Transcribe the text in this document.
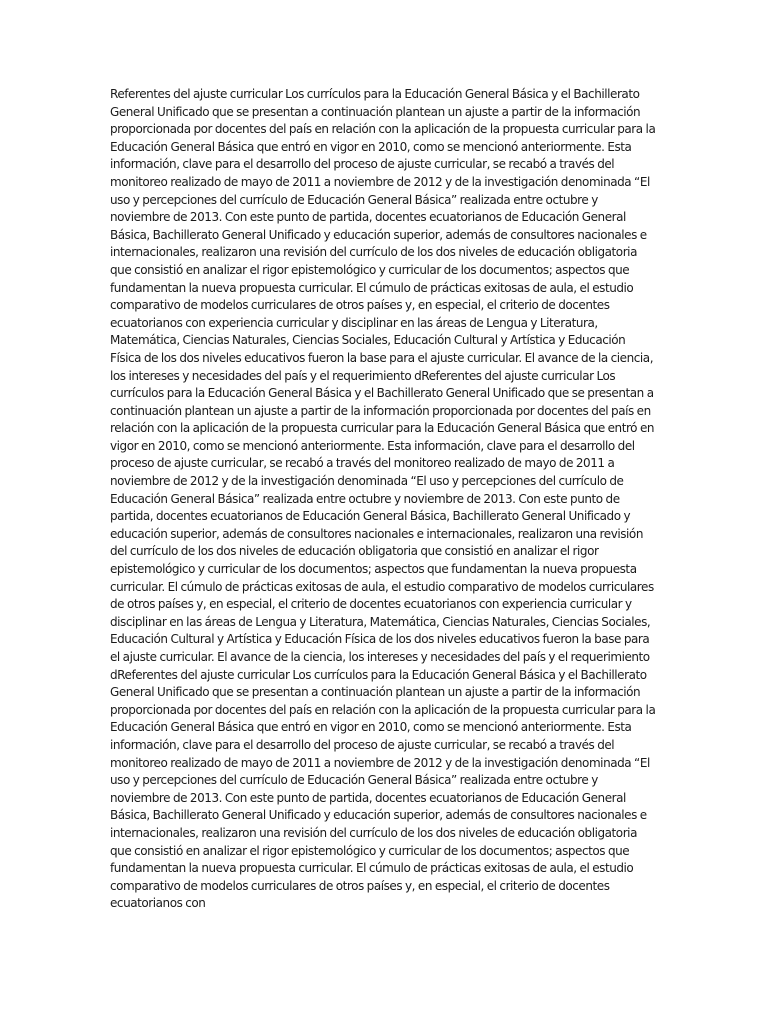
Referentes del ajuste curricular Los currículos para la Educación General Básica y el Bachillerato General Unificado que se presentan a continuación plantean un ajuste a partir de la información proporcionada por docentes del país en relación con la aplicación de la propuesta curricular para la Educación General Básica que entró en vigor en 2010, como se mencionó anteriormente. Esta información, clave para el desarrollo del proceso de ajuste curricular, se recabó a través del monitoreo realizado de mayo de 2011 a noviembre de 2012 y de la investigación denominada “El uso y percepciones del currículo de Educación General Básica” realizada entre octubre y noviembre de 2013. Con este punto de partida, docentes ecuatorianos de Educación General Básica, Bachillerato General Unificado y educación superior, además de consultores nacionales e internacionales, realizaron una revisión del currículo de los dos niveles de educación obligatoria que consistió en analizar el rigor epistemológico y curricular de los documentos; aspectos que fundamentan la nueva propuesta curricular. El cúmulo de prácticas exitosas de aula, el estudio comparativo de modelos curriculares de otros países y, en especial, el criterio de docentes ecuatorianos con experiencia curricular y disciplinar en las áreas de Lengua y Literatura, Matemática, Ciencias Naturales, Ciencias Sociales, Educación Cultural y Artística y Educación Física de los dos niveles educativos fueron la base para el ajuste curricular. El avance de la ciencia, los intereses y necesidades del país y el requerimiento dReferentes del ajuste curricular Los currículos para la Educación General Básica y el Bachillerato General Unificado que se presentan a continuación plantean un ajuste a partir de la información proporcionada por docentes del país en relación con la aplicación de la propuesta curricular para la Educación General Básica que entró en vigor en 2010, como se mencionó anteriormente. Esta información, clave para el desarrollo del proceso de ajuste curricular, se recabó a través del monitoreo realizado de mayo de 2011 a noviembre de 2012 y de la investigación denominada “El uso y percepciones del currículo de Educación General Básica” realizada entre octubre y noviembre de 2013. Con este punto de partida, docentes ecuatorianos de Educación General Básica, Bachillerato General Unificado y educación superior, además de consultores nacionales e internacionales, realizaron una revisión del currículo de los dos niveles de educación obligatoria que consistió en analizar el rigor epistemológico y curricular de los documentos; aspectos que fundamentan la nueva propuesta curricular. El cúmulo de prácticas exitosas de aula, el estudio comparativo de modelos curriculares de otros países y, en especial, el criterio de docentes ecuatorianos con experiencia curricular y disciplinar en las áreas de Lengua y Literatura, Matemática, Ciencias Naturales, Ciencias Sociales, Educación Cultural y Artística y Educación Física de los dos niveles educativos fueron la base para el ajuste curricular. El avance de la ciencia, los intereses y necesidades del país y el requerimiento dReferentes del ajuste curricular Los currículos para la Educación General Básica y el Bachillerato General Unificado que se presentan a continuación plantean un ajuste a partir de la información proporcionada por docentes del país en relación con la aplicación de la propuesta curricular para la Educación General Básica que entró en vigor en 2010, como se mencionó anteriormente. Esta información, clave para el desarrollo del proceso de ajuste curricular, se recabó a través del monitoreo realizado de mayo de 2011 a noviembre de 2012 y de la investigación denominada “El uso y percepciones del currículo de Educación General Básica” realizada entre octubre y noviembre de 2013. Con este punto de partida, docentes ecuatorianos de Educación General Básica, Bachillerato General Unificado y educación superior, además de consultores nacionales e internacionales, realizaron una revisión del currículo de los dos niveles de educación obligatoria que consistió en analizar el rigor epistemológico y curricular de los documentos; aspectos que fundamentan la nueva propuesta curricular. El cúmulo de prácticas exitosas de aula, el estudio comparativo de modelos curriculares de otros países y, en especial, el criterio de docentes ecuatorianos con
